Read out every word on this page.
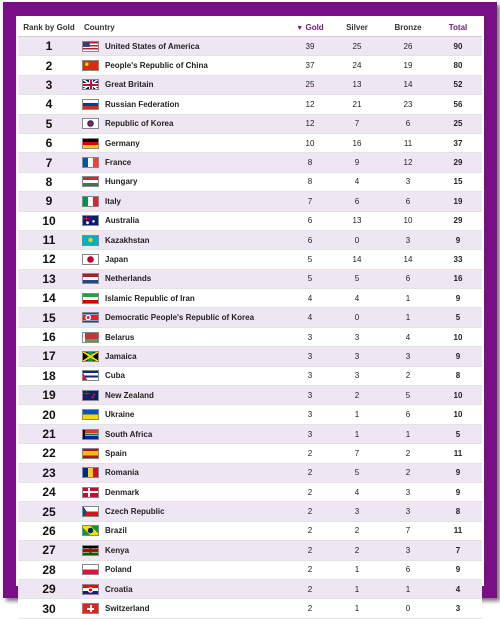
Rank by Gold	Country	▼ Gold	Silver	Bronze	Total
1	United States of America	39	25	26	90
2	People's Republic of China	37	24	19	80
3	Great Britain	25	13	14	52
4	Russian Federation	12	21	23	56
5	Republic of Korea	12	7	6	25
6	Germany	10	16	11	37
7	France	8	9	12	29
8	Hungary	8	4	3	15
9	Italy	7	6	6	19
10	Australia	6	13	10	29
11	Kazakhstan	6	0	3	9
12	Japan	5	14	14	33
13	Netherlands	5	5	6	16
14	Islamic Republic of Iran	4	4	1	9
15	Democratic People's Republic of Korea	4	0	1	5
16	Belarus	3	3	4	10
17	Jamaica	3	3	3	9
18	Cuba	3	3	2	8
19	New Zealand	3	2	5	10
20	Ukraine	3	1	6	10
21	South Africa	3	1	1	5
22	Spain	2	7	2	11
23	Romania	2	5	2	9
24	Denmark	2	4	3	9
25	Czech Republic	2	3	3	8
26	Brazil	2	2	7	11
27	Kenya	2	2	3	7
28	Poland	2	1	6	9
29	Croatia	2	1	1	4
30	Switzerland	2	1	0	3
